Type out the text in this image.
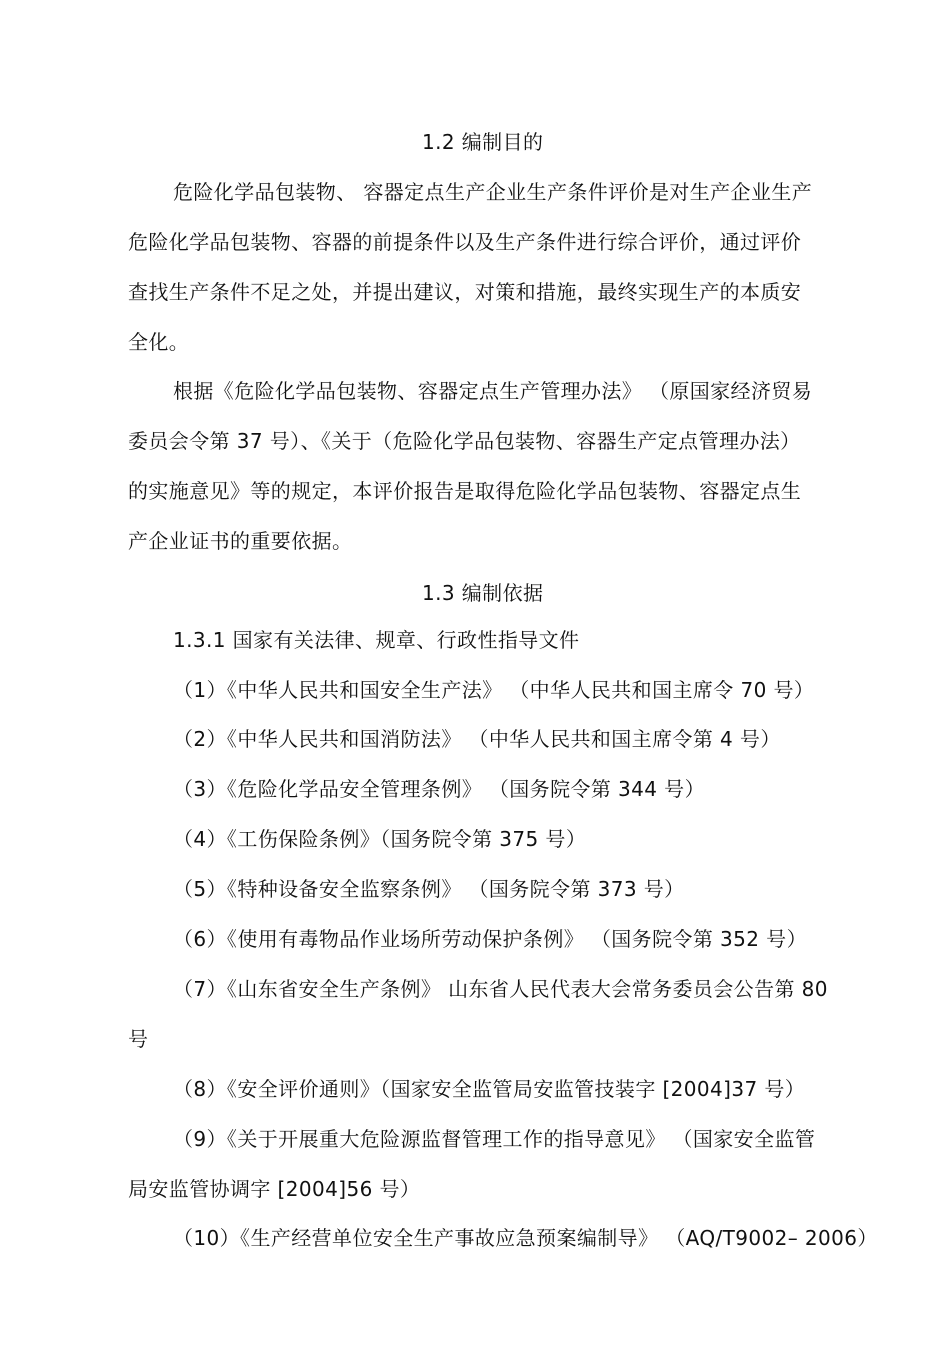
1.2 编制目的
危险化学品包装物、 容器定点生产企业生产条件评价是对生产企业生产
危险化学品包装物、容器的前提条件以及生产条件进行综合评价，通过评价
查找生产条件不足之处，并提出建议，对策和措施，最终实现生产的本质安
全化。
根据《危险化学品包装物、容器定点生产管理办法》 （原国家经济贸易
委员会令第 37 号）、《关于（危险化学品包装物、容器生产定点管理办法）
的实施意见》等的规定，本评价报告是取得危险化学品包装物、容器定点生
产企业证书的重要依据。
1.3 编制依据
1.3.1 国家有关法律、规章、行政性指导文件
（1）《中华人民共和国安全生产法》 （中华人民共和国主席令 70 号）
（2）《中华人民共和国消防法》 （中华人民共和国主席令第 4 号）
（3）《危险化学品安全管理条例》 （国务院令第 344 号）
（4）《工伤保险条例》（国务院令第 375 号）
（5）《特种设备安全监察条例》 （国务院令第 373 号）
（6）《使用有毒物品作业场所劳动保护条例》 （国务院令第 352 号）
（7）《山东省安全生产条例》 山东省人民代表大会常务委员会公告第 80
号
（8）《安全评价通则》（国家安全监管局安监管技装字 [2004]37 号）
（9）《关于开展重大危险源监督管理工作的指导意见》 （国家安全监管
局安监管协调字 [2004]56 号）
（10）《生产经营单位安全生产事故应急预案编制导》 （AQ/T9002– 2006）
